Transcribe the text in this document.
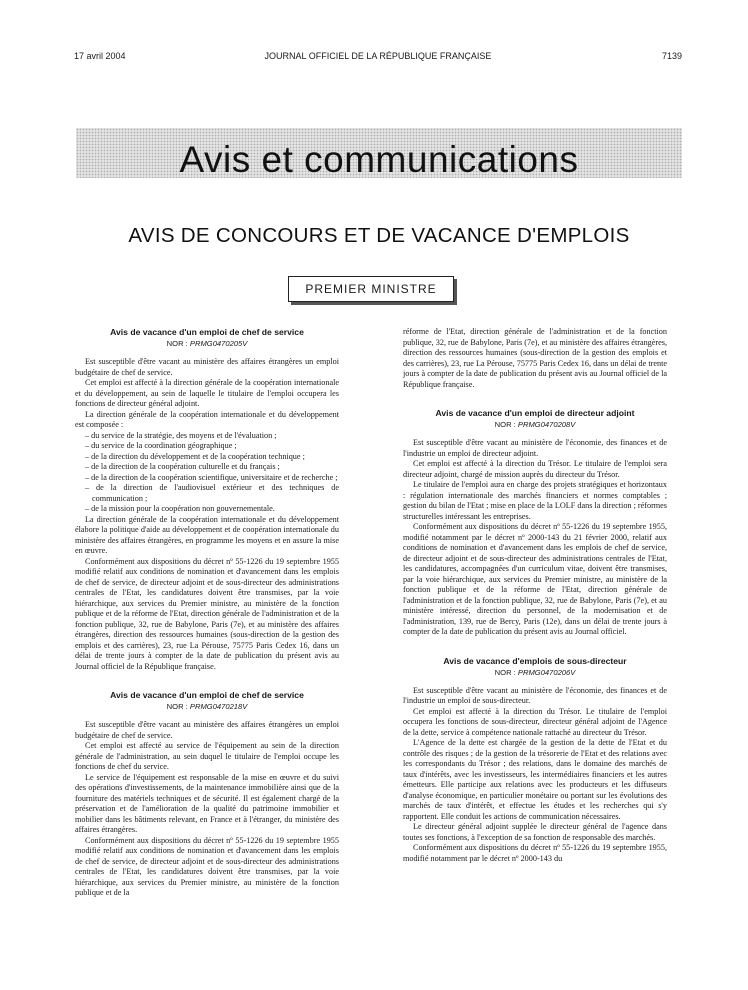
17 avril 2004	JOURNAL OFFICIEL DE LA RÉPUBLIQUE FRANÇAISE	7139
Avis et communications
AVIS DE CONCOURS ET DE VACANCE D'EMPLOIS
PREMIER MINISTRE

Avis de vacance d'un emploi de chef de service

NOR : PRMG0470205V

Est susceptible d'être vacant au ministère des affaires étrangères un emploi budgétaire de chef de service.

Cet emploi est affecté à la direction générale de la coopération internationale et du développement, au sein de laquelle le titulaire de l'emploi occupera les fonctions de directeur général adjoint.

La direction générale de la coopération internationale et du développement est composée :

– du service de la stratégie, des moyens et de l'évaluation ;
– du service de la coordination géographique ;
– de la direction du développement et de la coopération technique ;
– de la direction de la coopération culturelle et du français ;
– de la direction de la coopération scientifique, universitaire et de recherche ;
– de la direction de l'audiovisuel extérieur et des techniques de communication ;
– de la mission pour la coopération non gouvernementale.

La direction générale de la coopération internationale et du développement élabore la politique d'aide au développement et de coopération internationale du ministère des affaires étrangères, en programme les moyens et en assure la mise en œuvre.

Conformément aux dispositions du décret nº 55-1226 du 19 septembre 1955 modifié relatif aux conditions de nomination et d'avancement dans les emplois de chef de service, de directeur adjoint et de sous-directeur des administrations centrales de l'Etat, les candidatures doivent être transmises, par la voie hiérarchique, aux services du Premier ministre, au ministère de la fonction publique et de la réforme de l'Etat, direction générale de l'administration et de la fonction publique, 32, rue de Babylone, Paris (7e), et au ministère des affaires étrangères, direction des ressources humaines (sous-direction de la gestion des emplois et des carrières), 23, rue La Pérouse, 75775 Paris Cedex 16, dans un délai de trente jours à compter de la date de publication du présent avis au Journal officiel de la République française.

Avis de vacance d'un emploi de chef de service

NOR : PRMG0470218V

Est susceptible d'être vacant au ministère des affaires étrangères un emploi budgétaire de chef de service.

Cet emploi est affecté au service de l'équipement au sein de la direction générale de l'administration, au sein duquel le titulaire de l'emploi occupe les fonctions de chef du service.

Le service de l'équipement est responsable de la mise en œuvre et du suivi des opérations d'investissements, de la maintenance immobilière ainsi que de la fourniture des matériels techniques et de sécurité. Il est également chargé de la préservation et de l'amélioration de la qualité du patrimoine immobilier et mobilier dans les bâtiments relevant, en France et à l'étranger, du ministère des affaires étrangères.

Conformément aux dispositions du décret nº 55-1226 du 19 septembre 1955 modifié relatif aux conditions de nomination et d'avancement dans les emplois de chef de service, de directeur adjoint et de sous-directeur des administrations centrales de l'Etat, les candidatures doivent être transmises, par la voie hiérarchique, aux services du Premier ministre, au ministère de la fonction publique et de la

réforme de l'Etat, direction générale de l'administration et de la fonction publique, 32, rue de Babylone, Paris (7e), et au ministère des affaires étrangères, direction des ressources humaines (sous-direction de la gestion des emplois et des carrières), 23, rue La Pérouse, 75775 Paris Cedex 16, dans un délai de trente jours à compter de la date de publication du présent avis au Journal officiel de la République française.

Avis de vacance d'un emploi de directeur adjoint

NOR : PRMG0470208V

Est susceptible d'être vacant au ministère de l'économie, des finances et de l'industrie un emploi de directeur adjoint.

Cet emploi est affecté à la direction du Trésor. Le titulaire de l'emploi sera directeur adjoint, chargé de mission auprès du directeur du Trésor.

Le titulaire de l'emploi aura en charge des projets stratégiques et horizontaux : régulation internationale des marchés financiers et normes comptables ; gestion du bilan de l'Etat ; mise en place de la LOLF dans la direction ; réformes structurelles intéressant les entreprises.

Conformément aux dispositions du décret nº 55-1226 du 19 septembre 1955, modifié notamment par le décret nº 2000-143 du 21 février 2000, relatif aux conditions de nomination et d'avancement dans les emplois de chef de service, de directeur adjoint et de sous-directeur des administrations centrales de l'Etat, les candidatures, accompagnées d'un curriculum vitae, doivent être transmises, par la voie hiérarchique, aux services du Premier ministre, au ministère de la fonction publique et de la réforme de l'Etat, direction générale de l'administration et de la fonction publique, 32, rue de Babylone, Paris (7e), et au ministère intéressé, direction du personnel, de la modernisation et de l'administration, 139, rue de Bercy, Paris (12e), dans un délai de trente jours à compter de la date de publication du présent avis au Journal officiel.

Avis de vacance d'emplois de sous-directeur

NOR : PRMG0470206V

Est susceptible d'être vacant au ministère de l'économie, des finances et de l'industrie un emploi de sous-directeur.

Cet emploi est affecté à la direction du Trésor. Le titulaire de l'emploi occupera les fonctions de sous-directeur, directeur général adjoint de l'Agence de la dette, service à compétence nationale rattaché au directeur du Trésor.

L'Agence de la dette est chargée de la gestion de la dette de l'Etat et du contrôle des risques ; de la gestion de la trésorerie de l'Etat et des relations avec les correspondants du Trésor ; des relations, dans le domaine des marchés de taux d'intérêts, avec les investisseurs, les intermédiaires financiers et les autres émetteurs. Elle participe aux relations avec les producteurs et les diffuseurs d'analyse économique, en particulier monétaire ou portant sur les évolutions des marchés de taux d'intérêt, et effectue les études et les recherches qui s'y rapportent. Elle conduit les actions de communication nécessaires.

Le directeur général adjoint supplée le directeur général de l'agence dans toutes ses fonctions, à l'exception de sa fonction de responsable des marchés.

Conformément aux dispositions du décret nº 55-1226 du 19 septembre 1955, modifié notamment par le décret nº 2000-143 du
